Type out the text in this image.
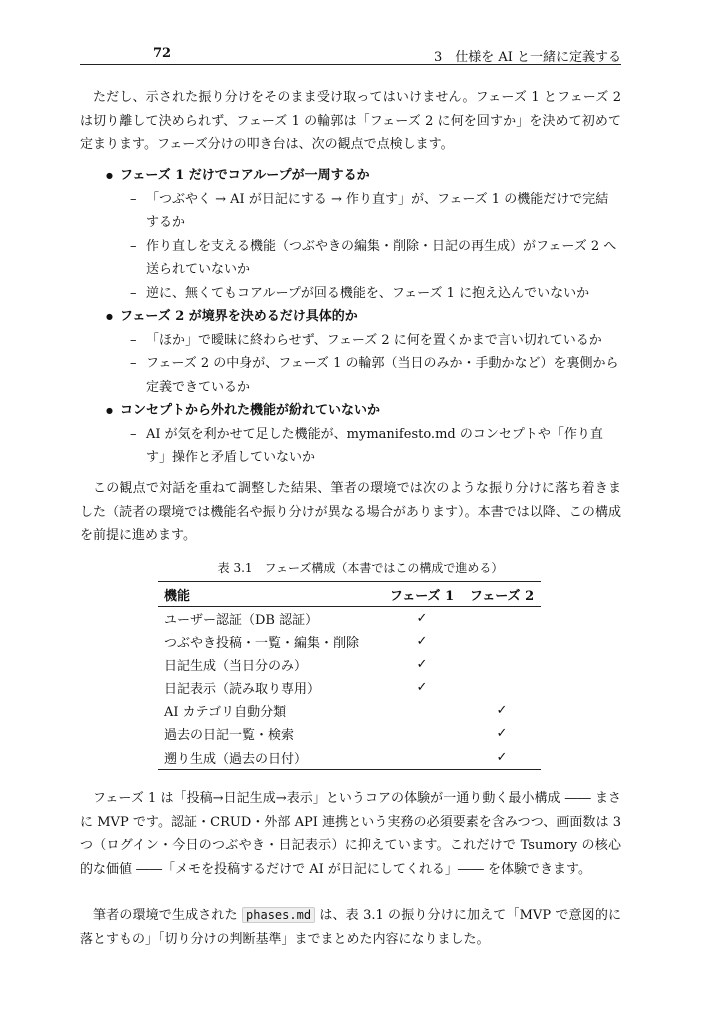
72	3　仕様を AI と一緒に定義する

ただし、示された振り分けをそのまま受け取ってはいけません。フェーズ 1 とフェーズ 2 は切り離して決められず、フェーズ 1 の輪郭は「フェーズ 2 に何を回すか」を決めて初めて定まります。フェーズ分けの叩き台は、次の観点で点検します。

● フェーズ 1 だけでコアループが一周するか
– 「つぶやく → AI が日記にする → 作り直す」が、フェーズ 1 の機能だけで完結するか
– 作り直しを支える機能（つぶやきの編集・削除・日記の再生成）がフェーズ 2 へ送られていないか
– 逆に、無くてもコアループが回る機能を、フェーズ 1 に抱え込んでいないか
● フェーズ 2 が境界を決めるだけ具体的か
– 「ほか」で曖昧に終わらせず、フェーズ 2 に何を置くかまで言い切れているか
– フェーズ 2 の中身が、フェーズ 1 の輪郭（当日のみか・手動かなど）を裏側から定義できているか
● コンセプトから外れた機能が紛れていないか
– AI が気を利かせて足した機能が、mymanifesto.md のコンセプトや「作り直す」操作と矛盾していないか

この観点で対話を重ねて調整した結果、筆者の環境では次のような振り分けに落ち着きました（読者の環境では機能名や振り分けが異なる場合があります）。本書では以降、この構成を前提に進めます。

表 3.1　フェーズ構成（本書ではこの構成で進める）
機能	フェーズ 1	フェーズ 2
ユーザー認証（DB 認証）	✓	
つぶやき投稿・一覧・編集・削除	✓	
日記生成（当日分のみ）	✓	
日記表示（読み取り専用）	✓	
AI カテゴリ自動分類		✓
過去の日記一覧・検索		✓
遡り生成（過去の日付）		✓

フェーズ 1 は「投稿→日記生成→表示」というコアの体験が一通り動く最小構成 ―― まさに MVP です。認証・CRUD・外部 API 連携という実務の必須要素を含みつつ、画面数は 3 つ（ログイン・今日のつぶやき・日記表示）に抑えています。これだけで Tsumory の核心的な価値 ――「メモを投稿するだけで AI が日記にしてくれる」―― を体験できます。

筆者の環境で生成された phases.md は、表 3.1 の振り分けに加えて「MVP で意図的に落とすもの」「切り分けの判断基準」までまとめた内容になりました。
